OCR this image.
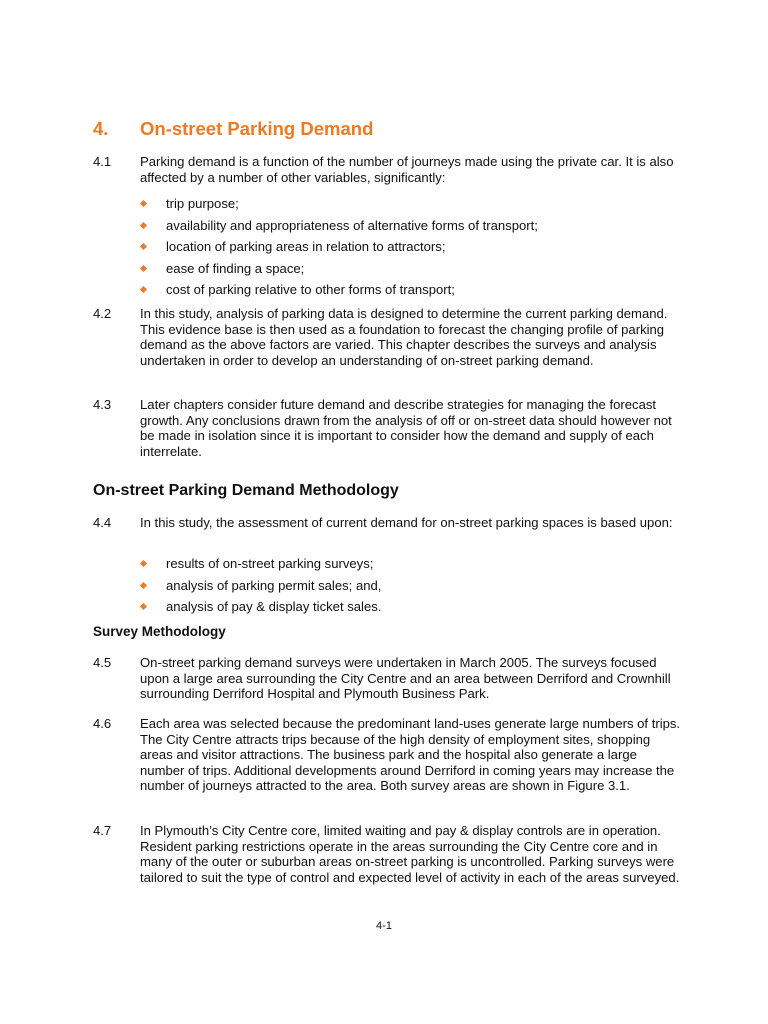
4. On-street Parking Demand
4.1 Parking demand is a function of the number of journeys made using the private car. It is also affected by a number of other variables, significantly:
trip purpose;
availability and appropriateness of alternative forms of transport;
location of parking areas in relation to attractors;
ease of finding a space;
cost of parking relative to other forms of transport;
4.2 In this study, analysis of parking data is designed to determine the current parking demand. This evidence base is then used as a foundation to forecast the changing profile of parking demand as the above factors are varied. This chapter describes the surveys and analysis undertaken in order to develop an understanding of on-street parking demand.
4.3 Later chapters consider future demand and describe strategies for managing the forecast growth. Any conclusions drawn from the analysis of off or on-street data should however not be made in isolation since it is important to consider how the demand and supply of each interrelate.
On-street Parking Demand Methodology
4.4 In this study, the assessment of current demand for on-street parking spaces is based upon:
results of on-street parking surveys;
analysis of parking permit sales; and,
analysis of pay & display ticket sales.
Survey Methodology
4.5 On-street parking demand surveys were undertaken in March 2005. The surveys focused upon a large area surrounding the City Centre and an area between Derriford and Crownhill surrounding Derriford Hospital and Plymouth Business Park.
4.6 Each area was selected because the predominant land-uses generate large numbers of trips. The City Centre attracts trips because of the high density of employment sites, shopping areas and visitor attractions. The business park and the hospital also generate a large number of trips. Additional developments around Derriford in coming years may increase the number of journeys attracted to the area. Both survey areas are shown in Figure 3.1.
4.7 In Plymouth’s City Centre core, limited waiting and pay & display controls are in operation. Resident parking restrictions operate in the areas surrounding the City Centre core and in many of the outer or suburban areas on-street parking is uncontrolled. Parking surveys were tailored to suit the type of control and expected level of activity in each of the areas surveyed.
4-1
